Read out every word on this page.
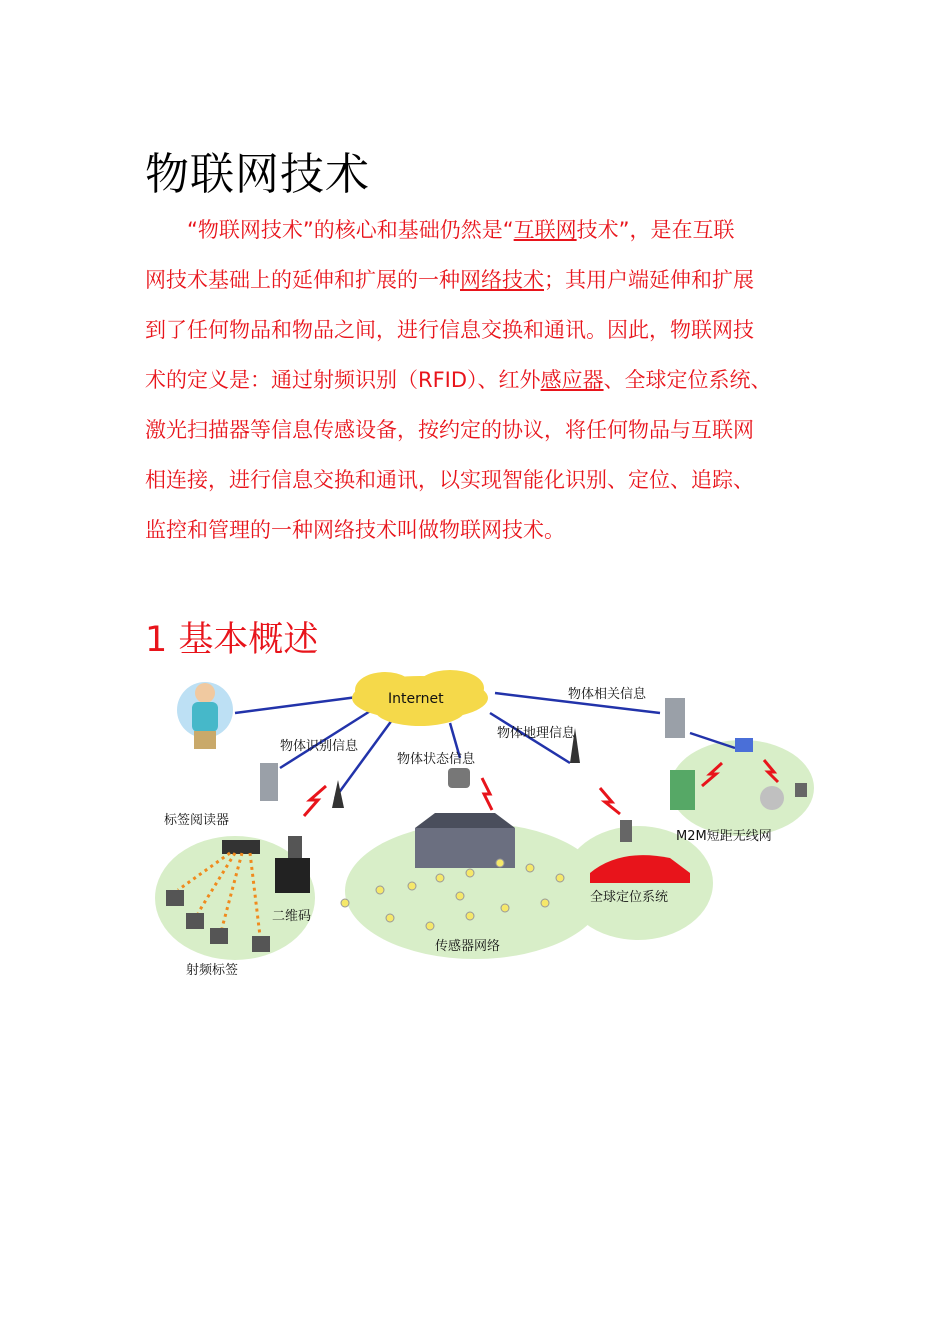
物联网技术
“物联网技术”的核心和基础仍然是“互联网技术”，是在互联
网技术基础上的延伸和扩展的一种网络技术；其用户端延伸和扩展
到了任何物品和物品之间，进行信息交换和通讯。因此，物联网技
术的定义是：通过射频识别（RFID）、红外感应器、全球定位系统、
激光扫描器等信息传感设备，按约定的协议，将任何物品与互联网
相连接，进行信息交换和通讯，以实现智能化识别、定位、追踪、
监控和管理的一种网络技术叫做物联网技术。
1 基本概述
Internet	物体相关信息
物体识别信息
物体状态信息
物体地理信息
标签阅读器
二维码
射频标签
传感器网络
全球定位系统
M2M短距无线网
